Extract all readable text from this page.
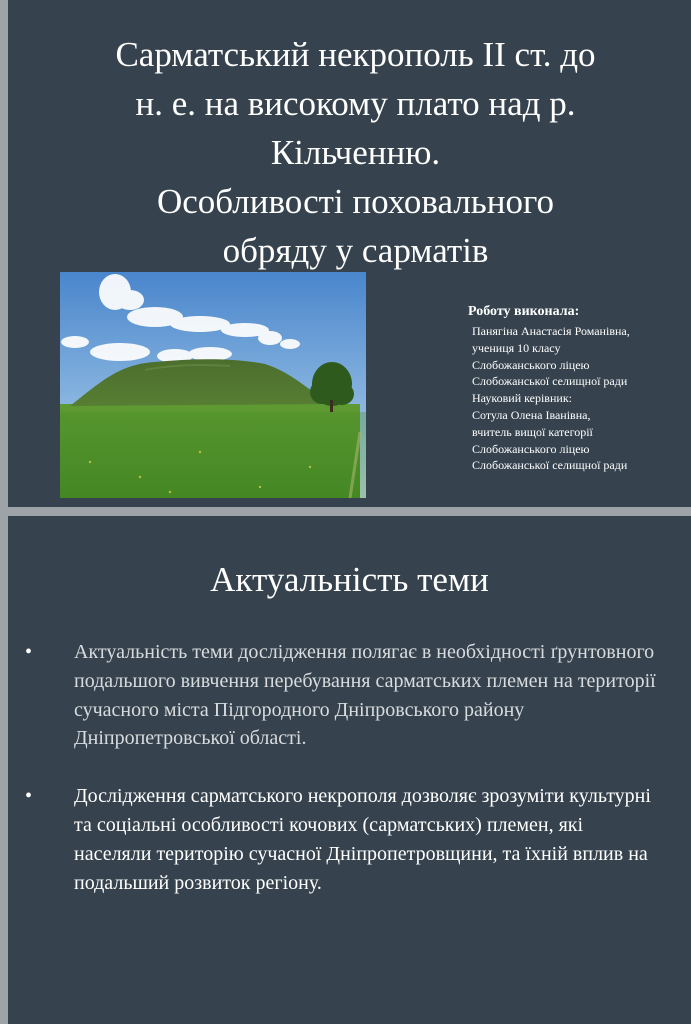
Сарматський некрополь ІІ ст. до
н. е. на високому плато над р.
Кільченню.
Особливості поховального
обряду у сарматів

Роботу виконала:

Панягіна Анастасія Романівна,
учениця 10 класу
Слобожанського ліцею
Слобожанської селищної ради
Науковий керівник:
Сотула Олена Іванівна,
вчитель вищої категорії
Слобожанського ліцею
Слобожанської селищної ради
Актуальність теми
• Актуальність теми дослідження полягає в необхідності ґрунтовного подальшого вивчення перебування сарматських племен на території сучасного міста Підгородного Дніпровського району Дніпропетровської області.
• Дослідження сарматського некрополя дозволяє зрозуміти культурні та соціальні особливості кочових (сарматських) племен, які населяли територію сучасної Дніпропетровщини, та їхній вплив на подальший розвиток регіону.
